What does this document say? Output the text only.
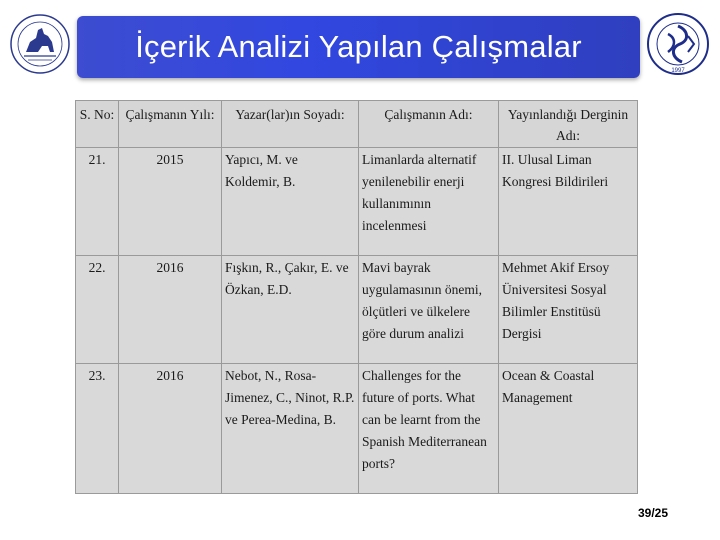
1997
İçerik Analizi Yapılan Çalışmalar
S. No:	Çalışmanın Yılı:	Yazar(lar)ın Soyadı:	Çalışmanın Adı:	Yayınlandığı Derginin Adı:
21.	2015	Yapıcı, M. ve Koldemir, B.	Limanlarda alternatif yenilenebilir enerji kullanımının incelenmesi	II. Ulusal Liman Kongresi Bildirileri
22.	2016	Fışkın, R., Çakır, E. ve Özkan, E.D.	Mavi bayrak uygulamasının önemi, ölçütleri ve ülkelere göre durum analizi	Mehmet Akif Ersoy Üniversitesi Sosyal Bilimler Enstitüsü Dergisi
23.	2016	Nebot, N., Rosa-Jimenez, C., Ninot, R.P. ve Perea-Medina, B.	Challenges for the future of ports. What can be learnt from the Spanish Mediterranean ports?	Ocean & Coastal Management
39/25
